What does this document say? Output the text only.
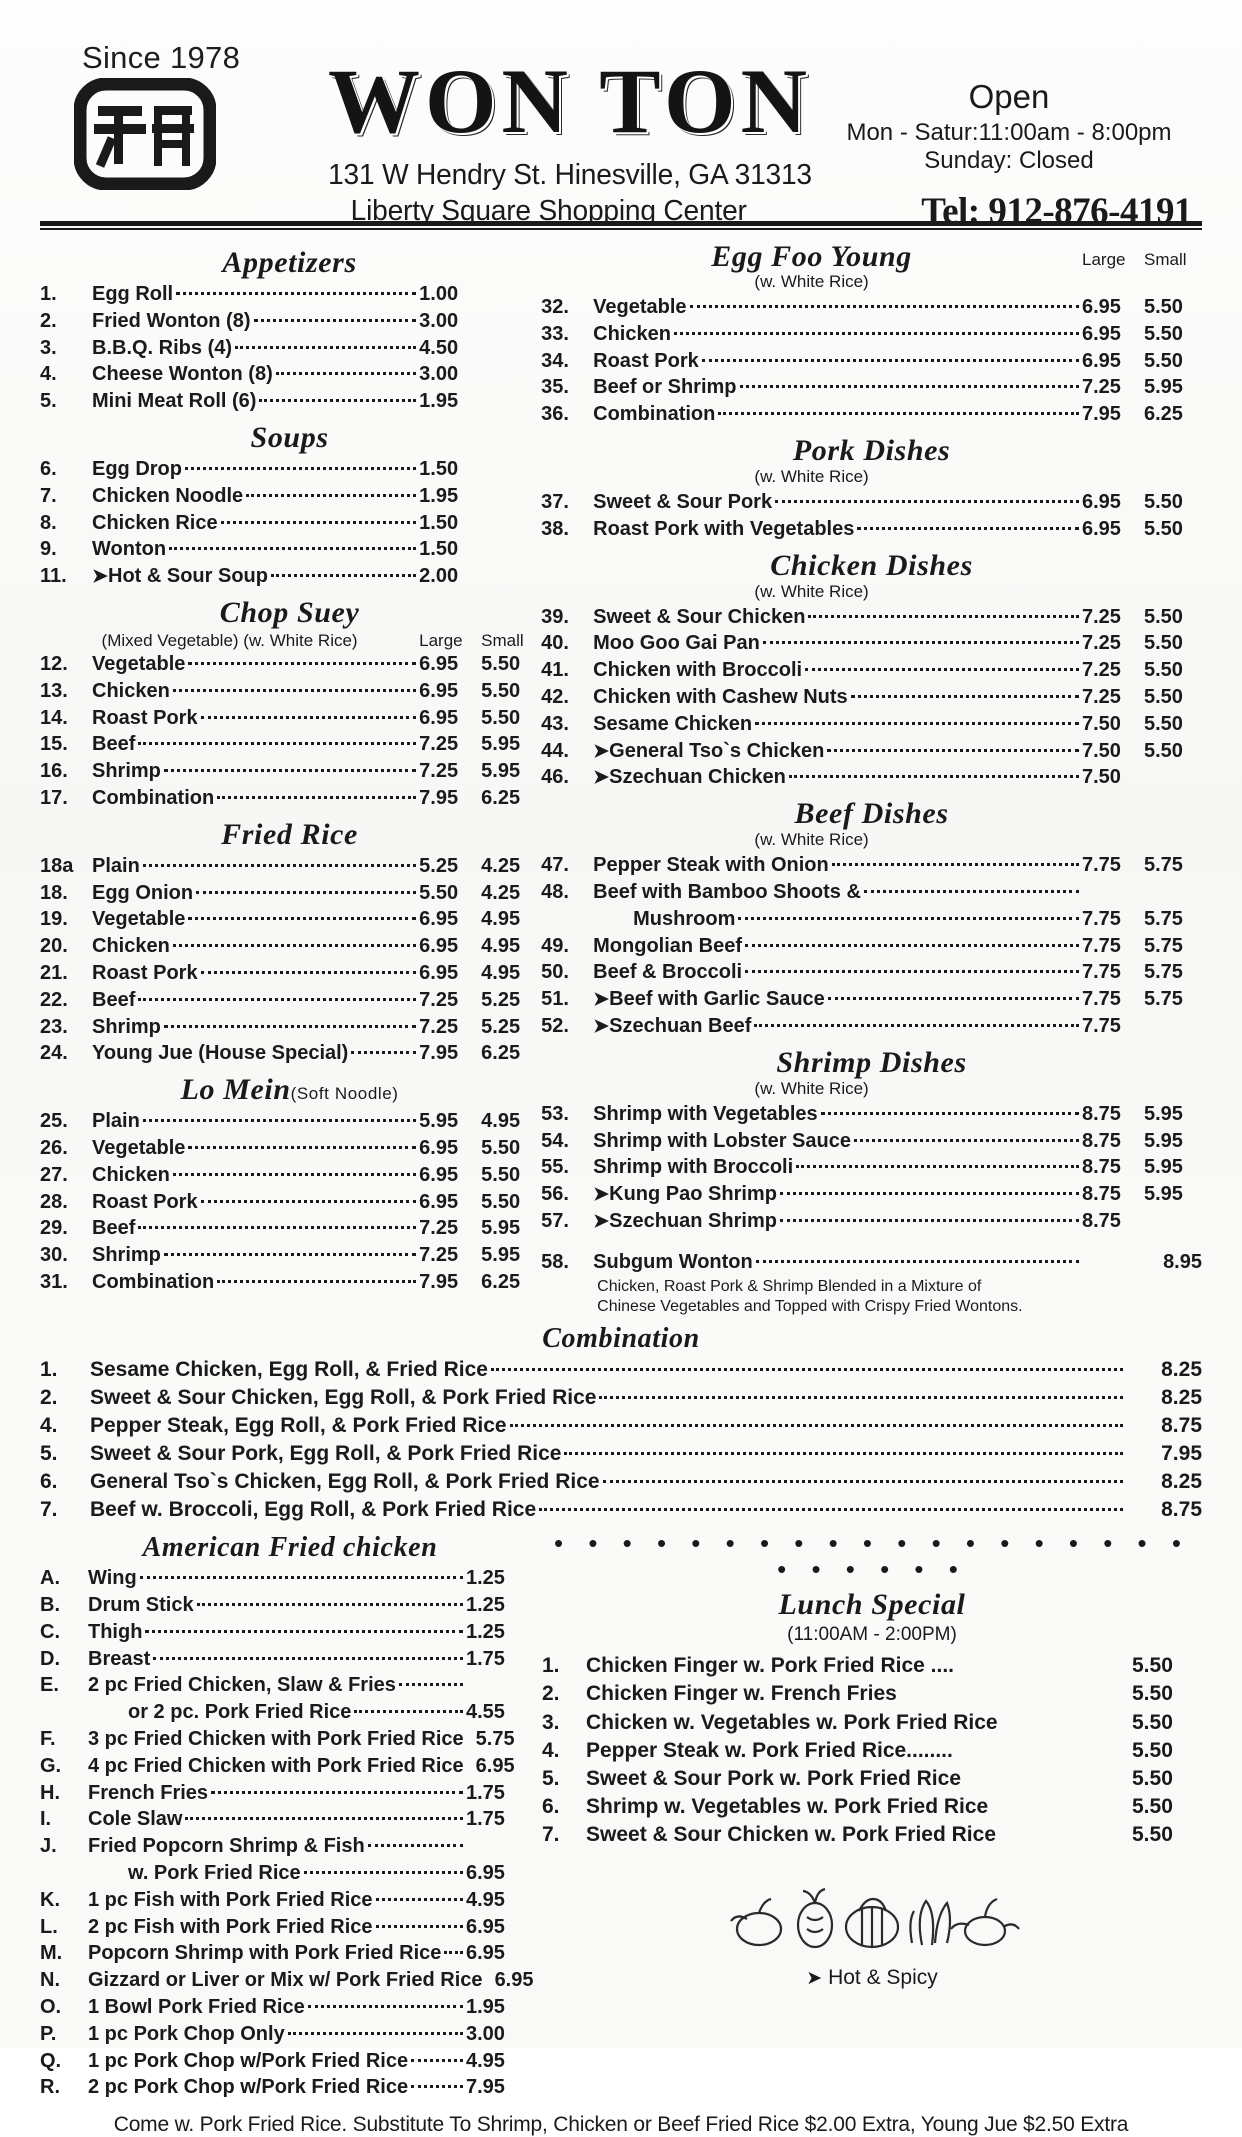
Since 1978 WON TON
131 W Hendry St. Hinesville, GA 31313
Liberty Square Shopping Center
Open
Mon - Satur:11:00am - 8:00pm
Sunday: Closed
Tel: 912-876-4191
Appetizers
1.	Egg Roll	1.00
2.	Fried Wonton (8)	3.00
3.	B.B.Q. Ribs (4)	4.50
4.	Cheese Wonton (8)	3.00
5.	Mini Meat Roll (6)	1.95
Soups
6.	Egg Drop	1.50
7.	Chicken Noodle	1.95
8.	Chicken Rice	1.50
9.	Wonton	1.50
11.	➤ Hot & Sour Soup	2.00
Chop Suey
(Mixed Vegetable) (w. White Rice)	Large	Small
12.	Vegetable	6.95	5.50
13.	Chicken	6.95	5.50
14.	Roast Pork	6.95	5.50
15.	Beef	7.25	5.95
16.	Shrimp	7.25	5.95
17.	Combination	7.95	6.25
Fried Rice
18a Plain	5.25	4.25
18.	Egg Onion	5.50	4.25
19.	Vegetable	6.95	4.95
20.	Chicken	6.95	4.95
21.	Roast Pork	6.95	4.95
22.	Beef	7.25	5.25
23.	Shrimp	7.25	5.25
24.	Young Jue (House Special)	7.95	6.25
Lo Mein(Soft Noodle)
25.	Plain	5.95	4.95
26.	Vegetable	6.95	5.50
27.	Chicken	6.95	5.50
28.	Roast Pork	6.95	5.50
29.	Beef	7.25	5.95
30.	Shrimp	7.25	5.95
31.	Combination	7.95	6.25
Egg Foo Young	Large	Small
(w. White Rice)
32.	Vegetable	6.95	5.50
33.	Chicken	6.95	5.50
34.	Roast Pork	6.95	5.50
35.	Beef or Shrimp	7.25	5.95
36.	Combination	7.95	6.25
Pork Dishes
(w. White Rice)
37.	Sweet & Sour Pork	6.95	5.50
38.	Roast Pork with Vegetables	6.95	5.50
Chicken Dishes
(w. White Rice)
39.	Sweet & Sour Chicken	7.25	5.50
40.	Moo Goo Gai Pan	7.25	5.50
41.	Chicken with Broccoli	7.25	5.50
42.	Chicken with Cashew Nuts	7.25	5.50
43.	Sesame Chicken	7.50	5.50
44.	➤ General Tso`s Chicken	7.50	5.50
46.	➤ Szechuan Chicken	7.50
Beef Dishes
(w. White Rice)
47.	Pepper Steak with Onion	7.75	5.75
48.	Beef with Bamboo Shoots &
Mushroom	7.75	5.75
49.	Mongolian Beef	7.75	5.75
50.	Beef & Broccoli	7.75	5.75
51.	➤ Beef with Garlic Sauce	7.75	5.75
52.	➤ Szechuan Beef	7.75
Shrimp Dishes
(w. White Rice)
53.	Shrimp with Vegetables	8.75	5.95
54.	Shrimp with Lobster Sauce	8.75	5.95
55.	Shrimp with Broccoli	8.75	5.95
56.	➤ Kung Pao Shrimp	8.75	5.95
57.	➤ Szechuan Shrimp	8.75
58.	Subgum Wonton	8.95
Chicken, Roast Pork & Shrimp Blended in a Mixture of
Chinese Vegetables and Topped with Crispy Fried Wontons.
Combination
1.	Sesame Chicken, Egg Roll, & Fried Rice	8.25
2.	Sweet & Sour Chicken, Egg Roll, & Pork Fried Rice	8.25
4.	Pepper Steak, Egg Roll, & Pork Fried Rice	8.75
5.	Sweet & Sour Pork, Egg Roll, & Pork Fried Rice	7.95
6.	General Tso`s Chicken, Egg Roll, & Pork Fried Rice	8.25
7.	Beef w. Broccoli, Egg Roll, & Pork Fried Rice	8.75
American Fried chicken
A.	Wing	1.25
B.	Drum Stick	1.25
C.	Thigh	1.25
D.	Breast	1.75
E.	2 pc Fried Chicken, Slaw & Fries
or 2 pc. Pork Fried Rice	4.55
F.	3 pc Fried Chicken with Pork Fried Rice 5.75
G.	4 pc Fried Chicken with Pork Fried Rice 6.95
H.	French Fries	1.75
I.	Cole Slaw	1.75
J.	Fried Popcorn Shrimp & Fish
w. Pork Fried Rice	6.95
K.	1 pc Fish with Pork Fried Rice	4.95
L.	2 pc Fish with Pork Fried Rice	6.95
M.	Popcorn Shrimp with Pork Fried Rice 6.95
N.	Gizzard or Liver or Mix w/ Pork Fried Rice 6.95
O.	1 Bowl Pork Fried Rice	1.95
P.	1 pc Pork Chop Only	3.00
Q.	1 pc Pork Chop w/Pork Fried Rice	4.95
R.	2 pc Pork Chop w/Pork Fried Rice	7.95
• • • • • • • • • • • • • • • • • • • • • • • • •
Lunch Special
(11:00AM - 2:00PM)
1.	Chicken Finger w. Pork Fried Rice ....	5.50
2.	Chicken Finger w. French Fries	5.50
3.	Chicken w. Vegetables w. Pork Fried Rice	5.50
4.	Pepper Steak w. Pork Fried Rice........	5.50
5.	Sweet & Sour Pork w. Pork Fried Rice	5.50
6.	Shrimp w. Vegetables w. Pork Fried Rice	5.50
7.	Sweet & Sour Chicken w. Pork Fried Rice	5.50
➤ Hot & Spicy
Come w. Pork Fried Rice. Substitute To Shrimp, Chicken or Beef Fried Rice $2.00 Extra, Young Jue $2.50 Extra
